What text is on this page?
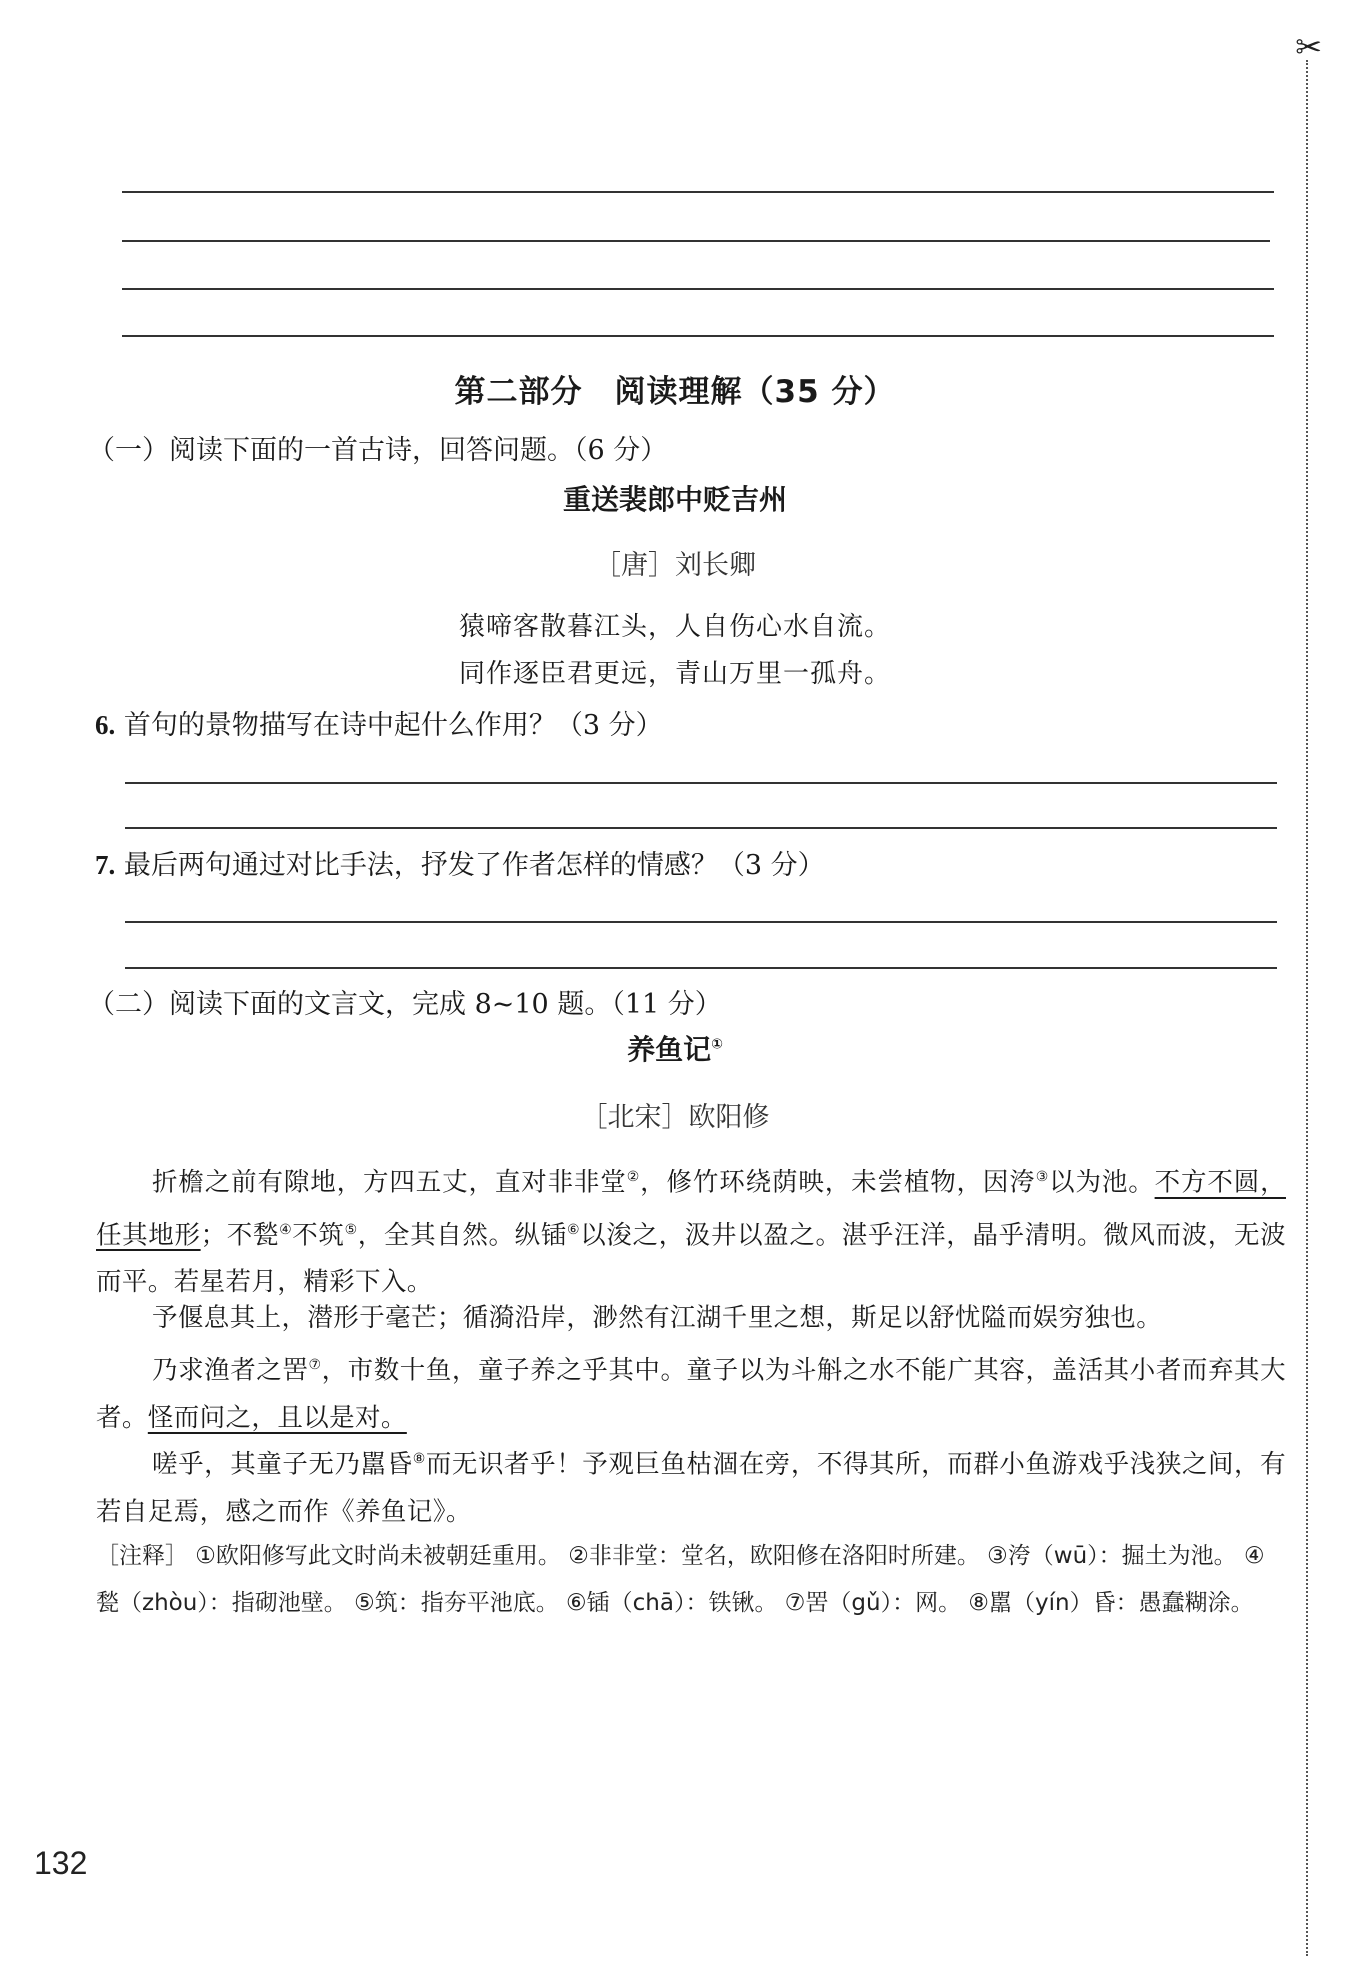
✂
第二部分　阅读理解（35 分）
（一）阅读下面的一首古诗，回答问题。（6 分）
重送裴郎中贬吉州
［唐］刘长卿
猿啼客散暮江头，人自伤心水自流。
同作逐臣君更远，青山万里一孤舟。
6. 首句的景物描写在诗中起什么作用？（3 分）
7. 最后两句通过对比手法，抒发了作者怎样的情感？（3 分）
（二）阅读下面的文言文，完成 8~10 题。（11 分）
养鱼记①
［北宋］欧阳修
折檐之前有隙地，方四五丈，直对非非堂②，修竹环绕荫映，未尝植物，因洿③以为池。不方不圆，任其地形；不甃④不筑⑤，全其自然。纵锸⑥以浚之，汲井以盈之。湛乎汪洋，晶乎清明。微风而波，无波而平。若星若月，精彩下入。
予偃息其上，潜形于毫芒；循漪沿岸，渺然有江湖千里之想，斯足以舒忧隘而娱穷独也。
乃求渔者之罟⑦，市数十鱼，童子养之乎其中。童子以为斗斛之水不能广其容，盖活其小者而弃其大者。怪而问之，且以是对。
嗟乎，其童子无乃嚚昏⑧而无识者乎！予观巨鱼枯涸在旁，不得其所，而群小鱼游戏乎浅狭之间，有若自足焉，感之而作《养鱼记》。
［注释］ ①欧阳修写此文时尚未被朝廷重用。 ②非非堂：堂名，欧阳修在洛阳时所建。 ③洿（wū）：掘土为池。 ④甃（zhòu）：指砌池壁。 ⑤筑：指夯平池底。 ⑥锸（chā）：铁锹。 ⑦罟（gǔ）：网。 ⑧嚚（yín）昏：愚蠢糊涂。
132
